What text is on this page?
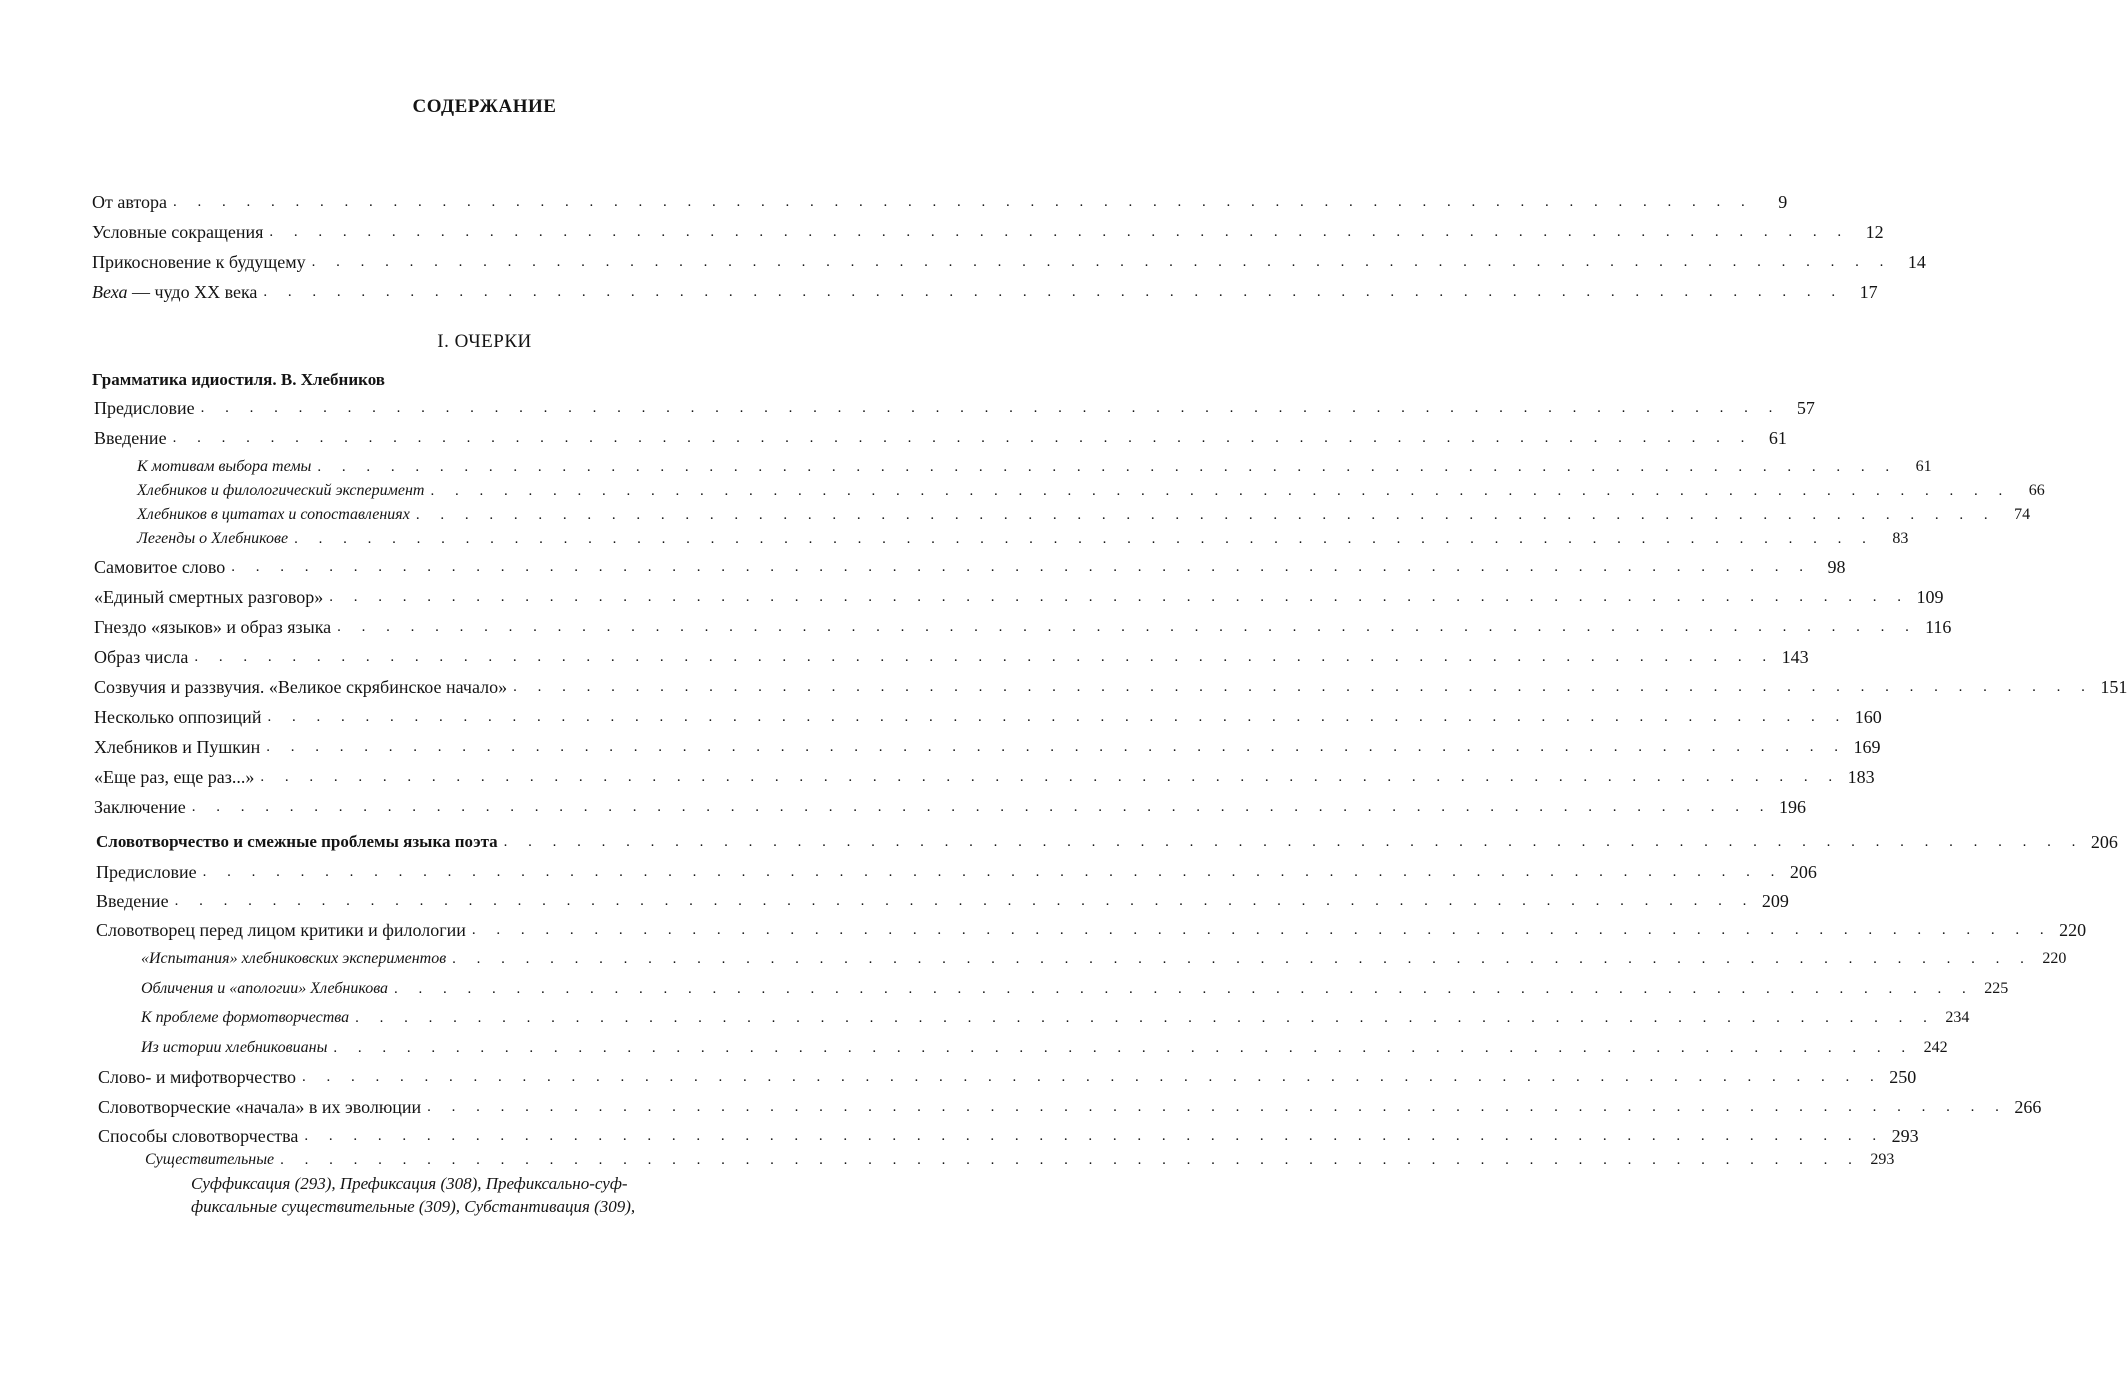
СОДЕРЖАНИЕ
От автора . . . . . . . . . . . . . . . . . . . . . . . . . . . . . . . . . . . . . . . . . . . . . . . . . . . . . . . . . . . . . . . . .	9
Условные сокращения . . . . . . . . . . . . . . . . . . . . . . . . . . . . . . . . . . . . . . . . . . . . . . . . . . . . . . . . . . . . . . . . . 12
Прикосновение к будущему . . . . . . . . . . . . . . . . . . . . . . . . . . . . . . . . . . . . . . . . . . . . . . . . . . . . . . . . . . . . . . . . . 14
Веха — чудо XX века . . . . . . . . . . . . . . . . . . . . . . . . . . . . . . . . . . . . . . . . . . . . . . . . . . . . . . . . . . . . . . . . . 17
I. ОЧЕРКИ
Грамматика идиостиля. В. Хлебников
Предисловие . . . . . . . . . . . . . . . . . . . . . . . . . . . . . . . . . . . . . . . . . . . . . . . . . . . . . . . . . . . . . . . . . 57
Введение . . . . . . . . . . . . . . . . . . . . . . . . . . . . . . . . . . . . . . . . . . . . . . . . . . . . . . . . . . . . . . . . . 61
К мотивам выбора темы . . . . . . . . . . . . . . . . . . . . . . . . . . . . . . . . . . . . . . . . . . . . . . . . . . . . . . . . . . . . . . . . .	61
Хлебников и филологический эксперимент . . . . . . . . . . . . . . . . . . . . . . . . . . . . . . . . . . . . . . . . . . . . . . . . . . . . . . . . . . . . . . . . .	66
Хлебников в цитатах и сопоставлениях . . . . . . . . . . . . . . . . . . . . . . . . . . . . . . . . . . . . . . . . . . . . . . . . . . . . . . . . . . . . . . . . .	74
Легенды о Хлебникове . . . . . . . . . . . . . . . . . . . . . . . . . . . . . . . . . . . . . . . . . . . . . . . . . . . . . . . . . . . . . . . . .	83
Самовитое слово . . . . . . . . . . . . . . . . . . . . . . . . . . . . . . . . . . . . . . . . . . . . . . . . . . . . . . . . . . . . . . . . . 98
«Единый смертных разговор» . . . . . . . . . . . . . . . . . . . . . . . . . . . . . . . . . . . . . . . . . . . . . . . . . . . . . . . . . . . . . . . . . 109
Гнездо «языков» и образ языка . . . . . . . . . . . . . . . . . . . . . . . . . . . . . . . . . . . . . . . . . . . . . . . . . . . . . . . . . . . . . . . . . 116
Образ числа . . . . . . . . . . . . . . . . . . . . . . . . . . . . . . . . . . . . . . . . . . . . . . . . . . . . . . . . . . . . . . . . . 143
Созвучия и раззвучия. «Великое скрябинское начало» . . . . . . . . . . . . . . . . . . . . . . . . . . . . . . . . . . . . . . . . . . . . . . . . . . . . . . . . . . . . . . . . . 151
Несколько оппозиций . . . . . . . . . . . . . . . . . . . . . . . . . . . . . . . . . . . . . . . . . . . . . . . . . . . . . . . . . . . . . . . . . 160
Хлебников и Пушкин . . . . . . . . . . . . . . . . . . . . . . . . . . . . . . . . . . . . . . . . . . . . . . . . . . . . . . . . . . . . . . . . . 169
«Еще раз, еще раз...» . . . . . . . . . . . . . . . . . . . . . . . . . . . . . . . . . . . . . . . . . . . . . . . . . . . . . . . . . . . . . . . . . 183
Заключение . . . . . . . . . . . . . . . . . . . . . . . . . . . . . . . . . . . . . . . . . . . . . . . . . . . . . . . . . . . . . . . . . 196
Словотворчество и смежные проблемы языка поэта . . . . . . . . . . . . . . . . . . . . . . . . . . . . . . . . . . . . . . . . . . . . . . . . . . . . . . . . . . . . . . . . . 206
Предисловие . . . . . . . . . . . . . . . . . . . . . . . . . . . . . . . . . . . . . . . . . . . . . . . . . . . . . . . . . . . . . . . . . 206
Введение . . . . . . . . . . . . . . . . . . . . . . . . . . . . . . . . . . . . . . . . . . . . . . . . . . . . . . . . . . . . . . . . . 209
Словотворец перед лицом критики и филологии . . . . . . . . . . . . . . . . . . . . . . . . . . . . . . . . . . . . . . . . . . . . . . . . . . . . . . . . . . . . . . . . . 220
«Испытания» хлебниковских экспериментов . . . . . . . . . . . . . . . . . . . . . . . . . . . . . . . . . . . . . . . . . . . . . . . . . . . . . . . . . . . . . . . . . 220
Обличения и «апологии» Хлебникова . . . . . . . . . . . . . . . . . . . . . . . . . . . . . . . . . . . . . . . . . . . . . . . . . . . . . . . . . . . . . . . . . 225
К проблеме формотворчества . . . . . . . . . . . . . . . . . . . . . . . . . . . . . . . . . . . . . . . . . . . . . . . . . . . . . . . . . . . . . . . . . 234
Из истории хлебниковианы . . . . . . . . . . . . . . . . . . . . . . . . . . . . . . . . . . . . . . . . . . . . . . . . . . . . . . . . . . . . . . . . . 242
Слово- и мифотворчество . . . . . . . . . . . . . . . . . . . . . . . . . . . . . . . . . . . . . . . . . . . . . . . . . . . . . . . . . . . . . . . . . 250
Словотворческие «начала» в их эволюции . . . . . . . . . . . . . . . . . . . . . . . . . . . . . . . . . . . . . . . . . . . . . . . . . . . . . . . . . . . . . . . . . 266
Способы словотворчества . . . . . . . . . . . . . . . . . . . . . . . . . . . . . . . . . . . . . . . . . . . . . . . . . . . . . . . . . . . . . . . . . 293
Существительные . . . . . . . . . . . . . . . . . . . . . . . . . . . . . . . . . . . . . . . . . . . . . . . . . . . . . . . . . . . . . . . . . 293
Суффиксация (293), Префиксация (308), Префиксально-суф-
фиксальные существительные (309), Субстантивация (309),
